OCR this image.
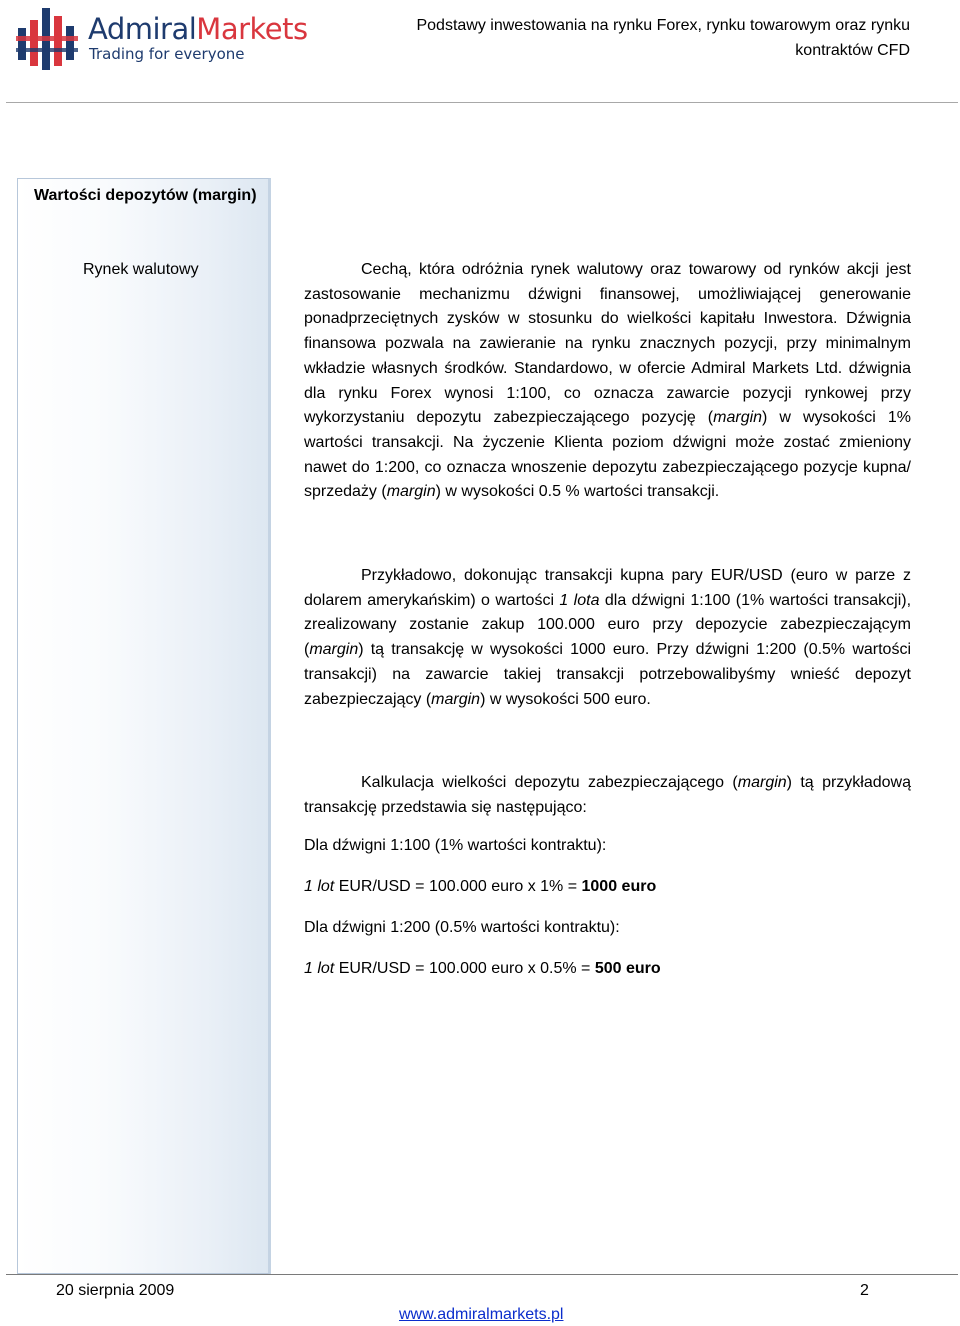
AdmiralMarkets
Trading for everyone
Podstawy inwestowania na rynku Forex, rynku towarowym oraz rynku
kontraktów CFD
Wartości depozytów (margin)
Rynek walutowy	Cechą, która odróżnia rynek walutowy oraz towarowy od rynków akcji jest zastosowanie mechanizmu dźwigni finansowej, umożliwiającej generowanie ponadprzeciętnych zysków w stosunku do wielkości kapitału Inwestora. Dźwignia finansowa pozwala na zawieranie na rynku znacznych pozycji, przy minimalnym wkładzie własnych środków. Standardowo, w ofercie Admiral Markets Ltd. dźwignia dla rynku Forex wynosi 1:100, co oznacza zawarcie pozycji rynkowej przy wykorzystaniu depozytu zabezpieczającego pozycję (margin) w wysokości 1% wartości transakcji. Na życzenie Klienta poziom dźwigni może zostać zmieniony nawet do 1:200, co oznacza wnoszenie depozytu zabezpieczającego pozycje kupna/ sprzedaży (margin) w wysokości 0.5 % wartości transakcji.

Przykładowo, dokonując transakcji kupna pary EUR/USD (euro w parze z dolarem amerykańskim) o wartości 1 lota dla dźwigni 1:100 (1% wartości transakcji), zrealizowany zostanie zakup 100.000 euro przy depozycie zabezpieczającym (margin) tą transakcję w wysokości 1000 euro. Przy dźwigni 1:200 (0.5% wartości transakcji) na zawarcie takiej transakcji potrzebowalibyśmy wnieść depozyt zabezpieczający (margin) w wysokości 500 euro.

Kalkulacja wielkości depozytu zabezpieczającego (margin) tą przykładową transakcję przedstawia się następująco:

Dla dźwigni 1:100 (1% wartości kontraktu):

1 lot EUR/USD = 100.000 euro x 1% = 1000 euro

Dla dźwigni 1:200 (0.5% wartości kontraktu):

1 lot EUR/USD = 100.000 euro x 0.5% = 500 euro

20 sierpnia 2009	2
www.admiralmarkets.pl
